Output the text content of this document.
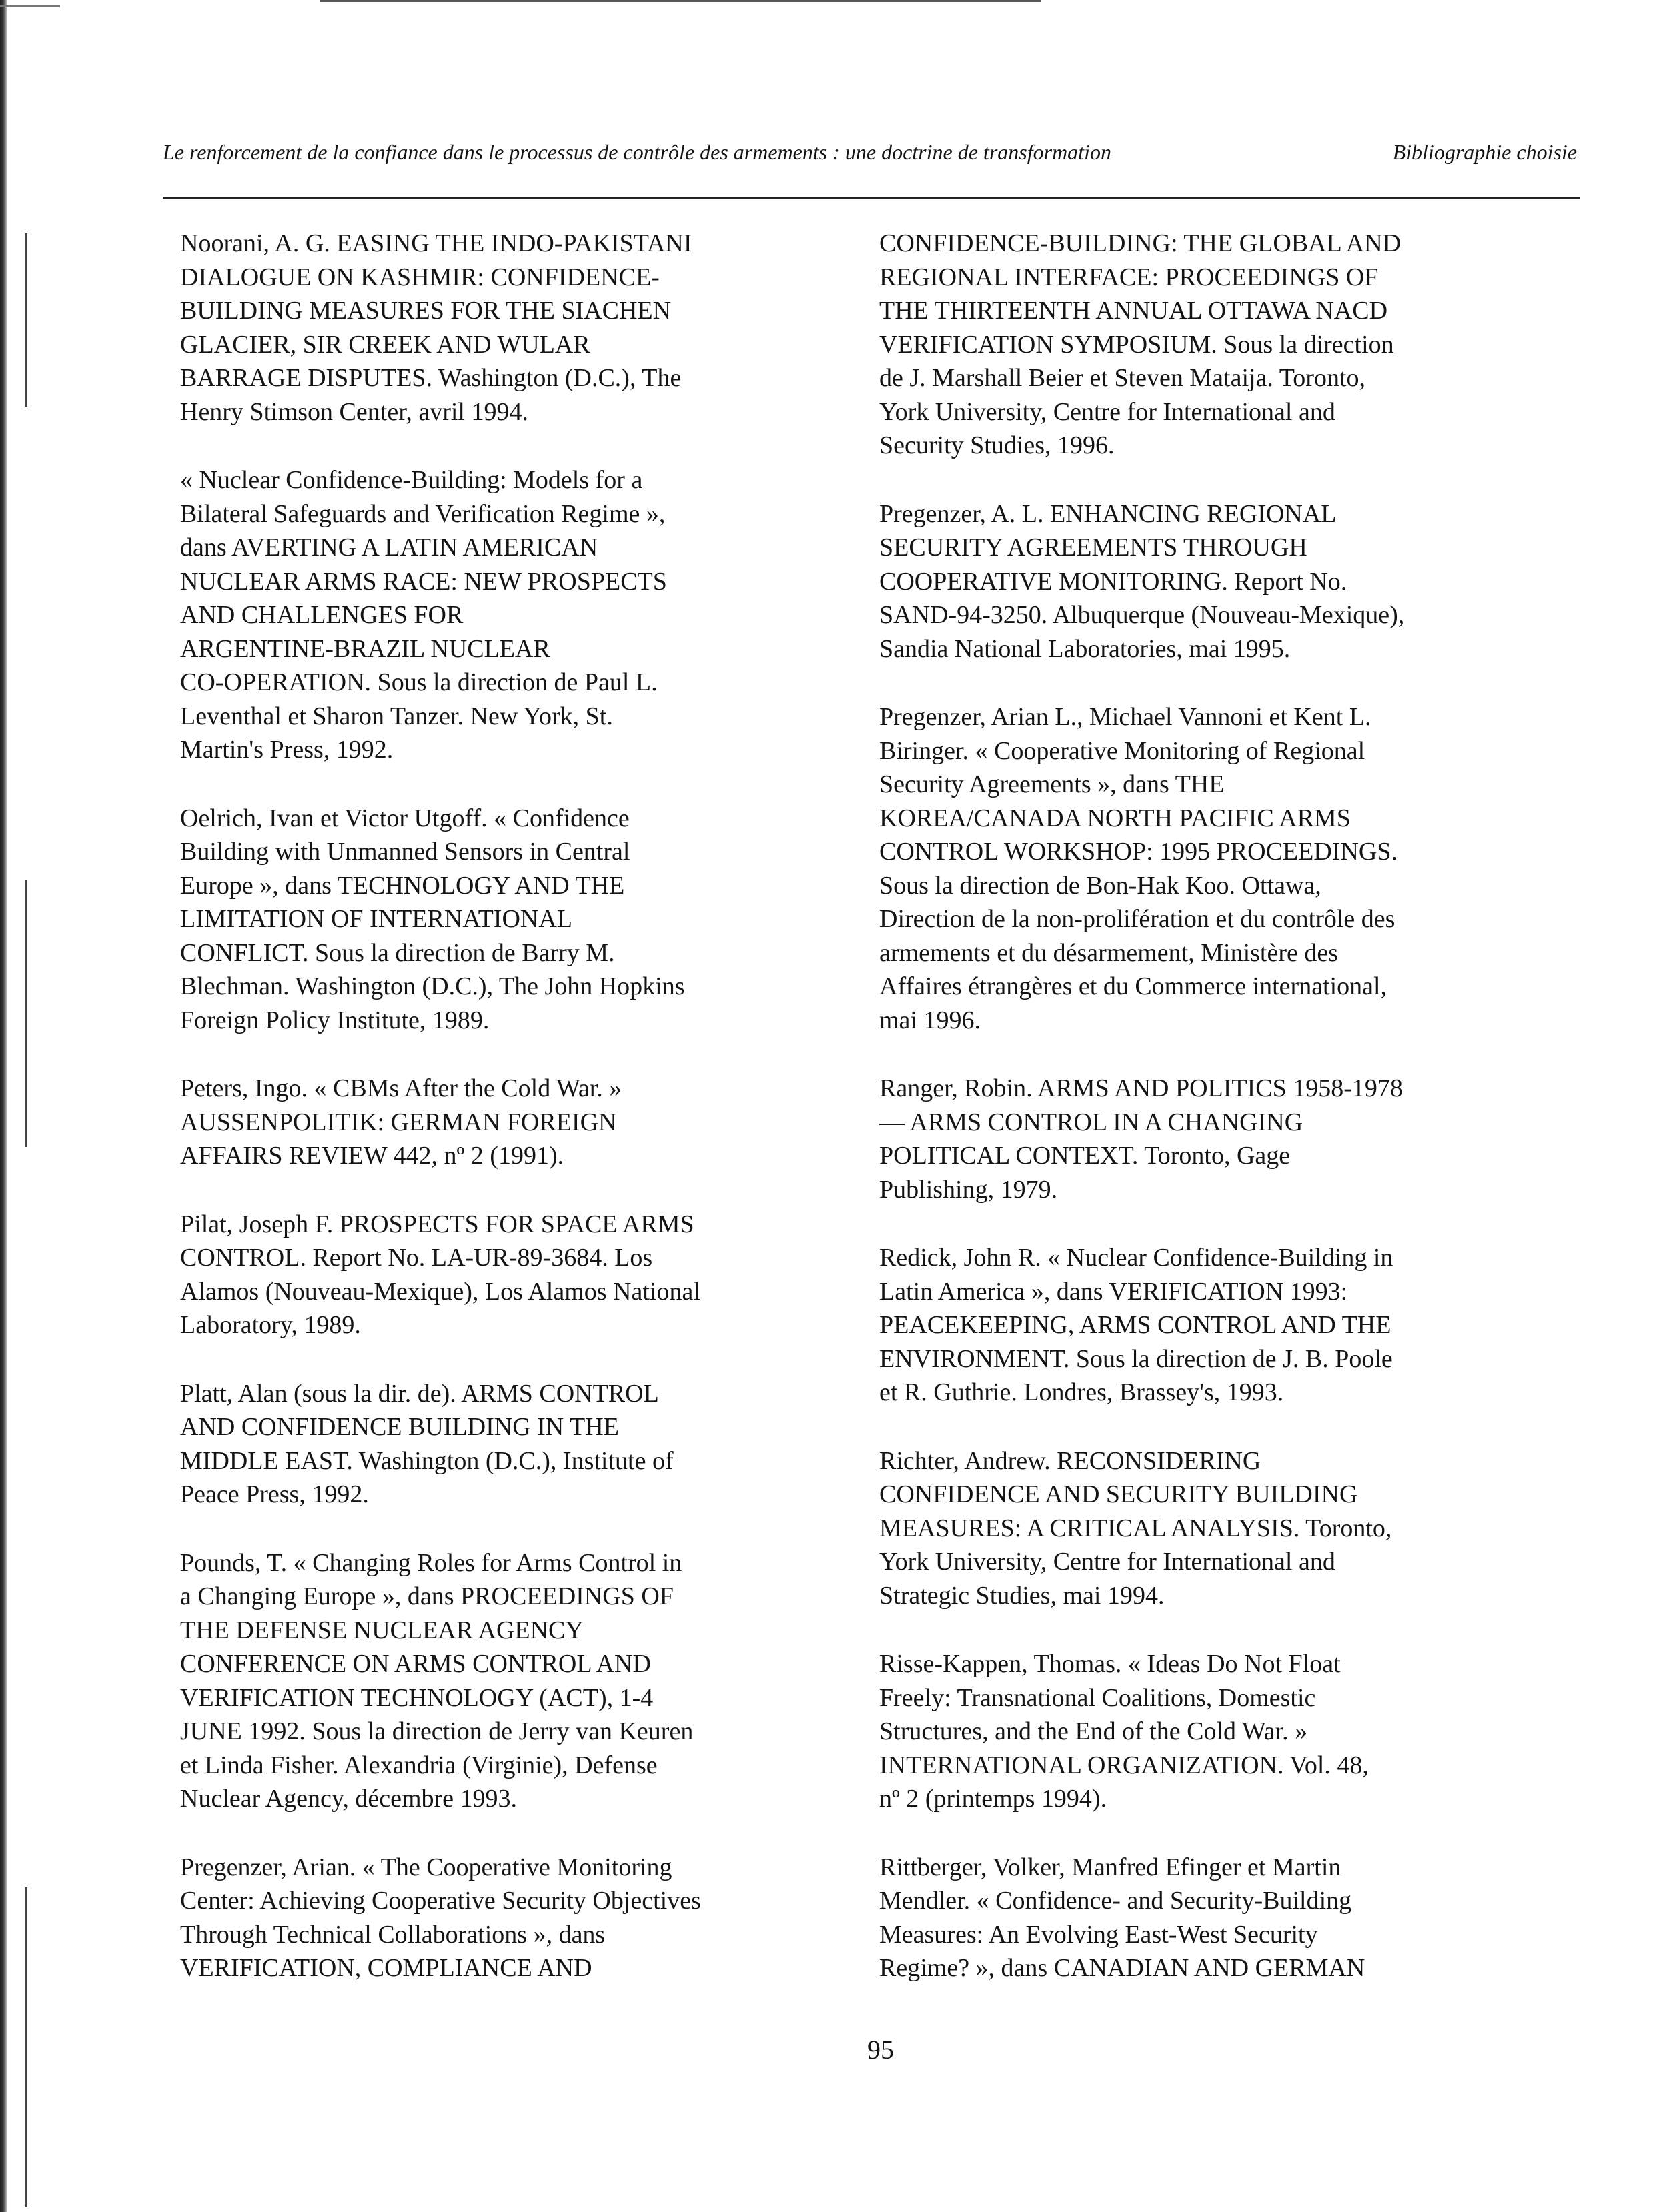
Le renforcement de la confiance dans le processus de contrôle des armements : une doctrine de transformation	Bibliographie choisie
Noorani, A. G. EASING THE INDO-PAKISTANI
DIALOGUE ON KASHMIR: CONFIDENCE-
BUILDING MEASURES FOR THE SIACHEN
GLACIER, SIR CREEK AND WULAR
BARRAGE DISPUTES. Washington (D.C.), The
Henry Stimson Center, avril 1994.
« Nuclear Confidence-Building: Models for a
Bilateral Safeguards and Verification Regime »,
dans AVERTING A LATIN AMERICAN
NUCLEAR ARMS RACE: NEW PROSPECTS
AND CHALLENGES FOR
ARGENTINE-BRAZIL NUCLEAR
CO-OPERATION. Sous la direction de Paul L.
Leventhal et Sharon Tanzer. New York, St.
Martin's Press, 1992.
Oelrich, Ivan et Victor Utgoff. « Confidence
Building with Unmanned Sensors in Central
Europe », dans TECHNOLOGY AND THE
LIMITATION OF INTERNATIONAL
CONFLICT. Sous la direction de Barry M.
Blechman. Washington (D.C.), The John Hopkins
Foreign Policy Institute, 1989.
Peters, Ingo. « CBMs After the Cold War. »
AUSSENPOLITIK: GERMAN FOREIGN
AFFAIRS REVIEW 442, nº 2 (1991).
Pilat, Joseph F. PROSPECTS FOR SPACE ARMS
CONTROL. Report No. LA-UR-89-3684. Los
Alamos (Nouveau-Mexique), Los Alamos National
Laboratory, 1989.
Platt, Alan (sous la dir. de). ARMS CONTROL
AND CONFIDENCE BUILDING IN THE
MIDDLE EAST. Washington (D.C.), Institute of
Peace Press, 1992.
Pounds, T. « Changing Roles for Arms Control in
a Changing Europe », dans PROCEEDINGS OF
THE DEFENSE NUCLEAR AGENCY
CONFERENCE ON ARMS CONTROL AND
VERIFICATION TECHNOLOGY (ACT), 1-4
JUNE 1992. Sous la direction de Jerry van Keuren
et Linda Fisher. Alexandria (Virginie), Defense
Nuclear Agency, décembre 1993.
Pregenzer, Arian. « The Cooperative Monitoring
Center: Achieving Cooperative Security Objectives
Through Technical Collaborations », dans
VERIFICATION, COMPLIANCE AND
CONFIDENCE-BUILDING: THE GLOBAL AND
REGIONAL INTERFACE: PROCEEDINGS OF
THE THIRTEENTH ANNUAL OTTAWA NACD
VERIFICATION SYMPOSIUM. Sous la direction
de J. Marshall Beier et Steven Mataija. Toronto,
York University, Centre for International and
Security Studies, 1996.
Pregenzer, A. L. ENHANCING REGIONAL
SECURITY AGREEMENTS THROUGH
COOPERATIVE MONITORING. Report No.
SAND-94-3250. Albuquerque (Nouveau-Mexique),
Sandia National Laboratories, mai 1995.
Pregenzer, Arian L., Michael Vannoni et Kent L.
Biringer. « Cooperative Monitoring of Regional
Security Agreements », dans THE
KOREA/CANADA NORTH PACIFIC ARMS
CONTROL WORKSHOP: 1995 PROCEEDINGS.
Sous la direction de Bon-Hak Koo. Ottawa,
Direction de la non-prolifération et du contrôle des
armements et du désarmement, Ministère des
Affaires étrangères et du Commerce international,
mai 1996.
Ranger, Robin. ARMS AND POLITICS 1958-1978
— ARMS CONTROL IN A CHANGING
POLITICAL CONTEXT. Toronto, Gage
Publishing, 1979.
Redick, John R. « Nuclear Confidence-Building in
Latin America », dans VERIFICATION 1993:
PEACEKEEPING, ARMS CONTROL AND THE
ENVIRONMENT. Sous la direction de J. B. Poole
et R. Guthrie. Londres, Brassey's, 1993.
Richter, Andrew. RECONSIDERING
CONFIDENCE AND SECURITY BUILDING
MEASURES: A CRITICAL ANALYSIS. Toronto,
York University, Centre for International and
Strategic Studies, mai 1994.
Risse-Kappen, Thomas. « Ideas Do Not Float
Freely: Transnational Coalitions, Domestic
Structures, and the End of the Cold War. »
INTERNATIONAL ORGANIZATION. Vol. 48,
nº 2 (printemps 1994).
Rittberger, Volker, Manfred Efinger et Martin
Mendler. « Confidence- and Security-Building
Measures: An Evolving East-West Security
Regime? », dans CANADIAN AND GERMAN
95
